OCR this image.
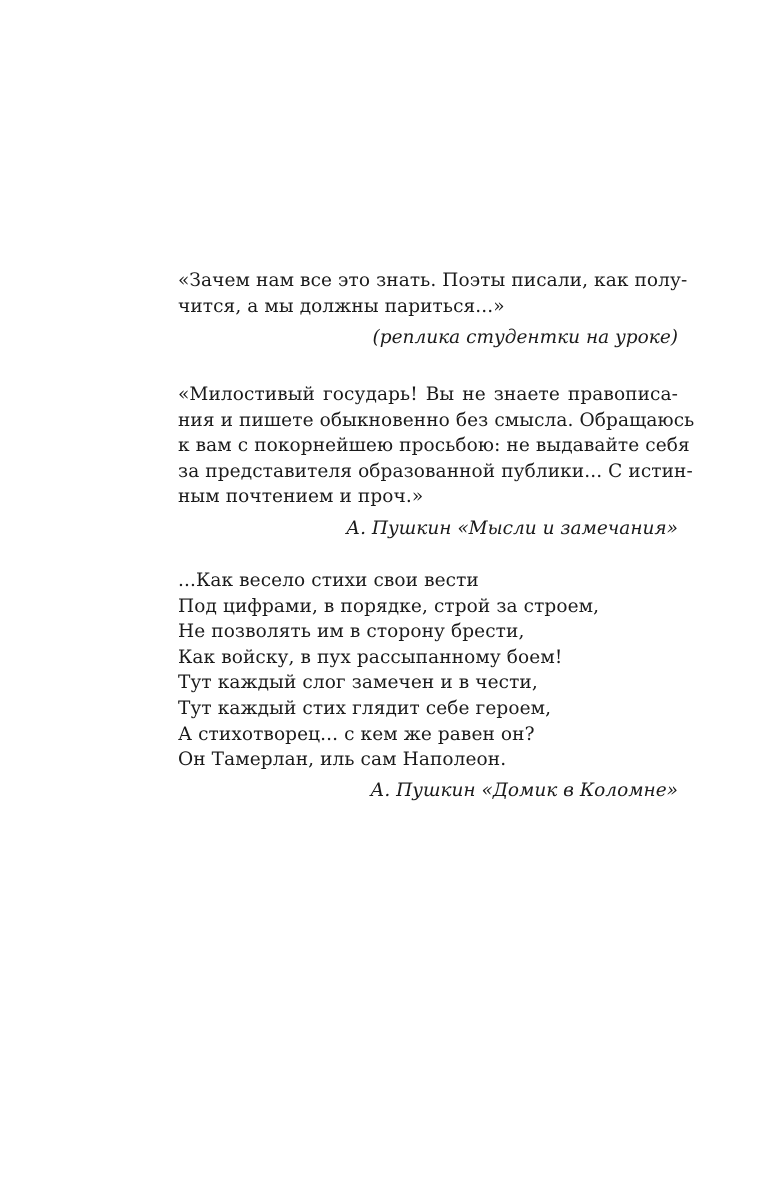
«Зачем нам все это знать. Поэты писали, как полу-
чится, а мы должны париться...»
(реплика студентки на уроке)
«Милостивый государь! Вы не знаете правописа-
ния и пишете обыкновенно без смысла. Обращаюсь
к вам с покорнейшею просьбою: не выдавайте себя
за представителя образованной публики... С истин-
ным почтением и проч.»
А. Пушкин «Мысли и замечания»
...Как весело стихи свои вести
Под цифрами, в порядке, строй за строем,
Не позволять им в сторону брести,
Как войску, в пух рассыпанному боем!
Тут каждый слог замечен и в чести,
Тут каждый стих глядит себе героем,
А стихотворец... с кем же равен он?
Он Тамерлан, иль сам Наполеон.
А. Пушкин «Домик в Коломне»
